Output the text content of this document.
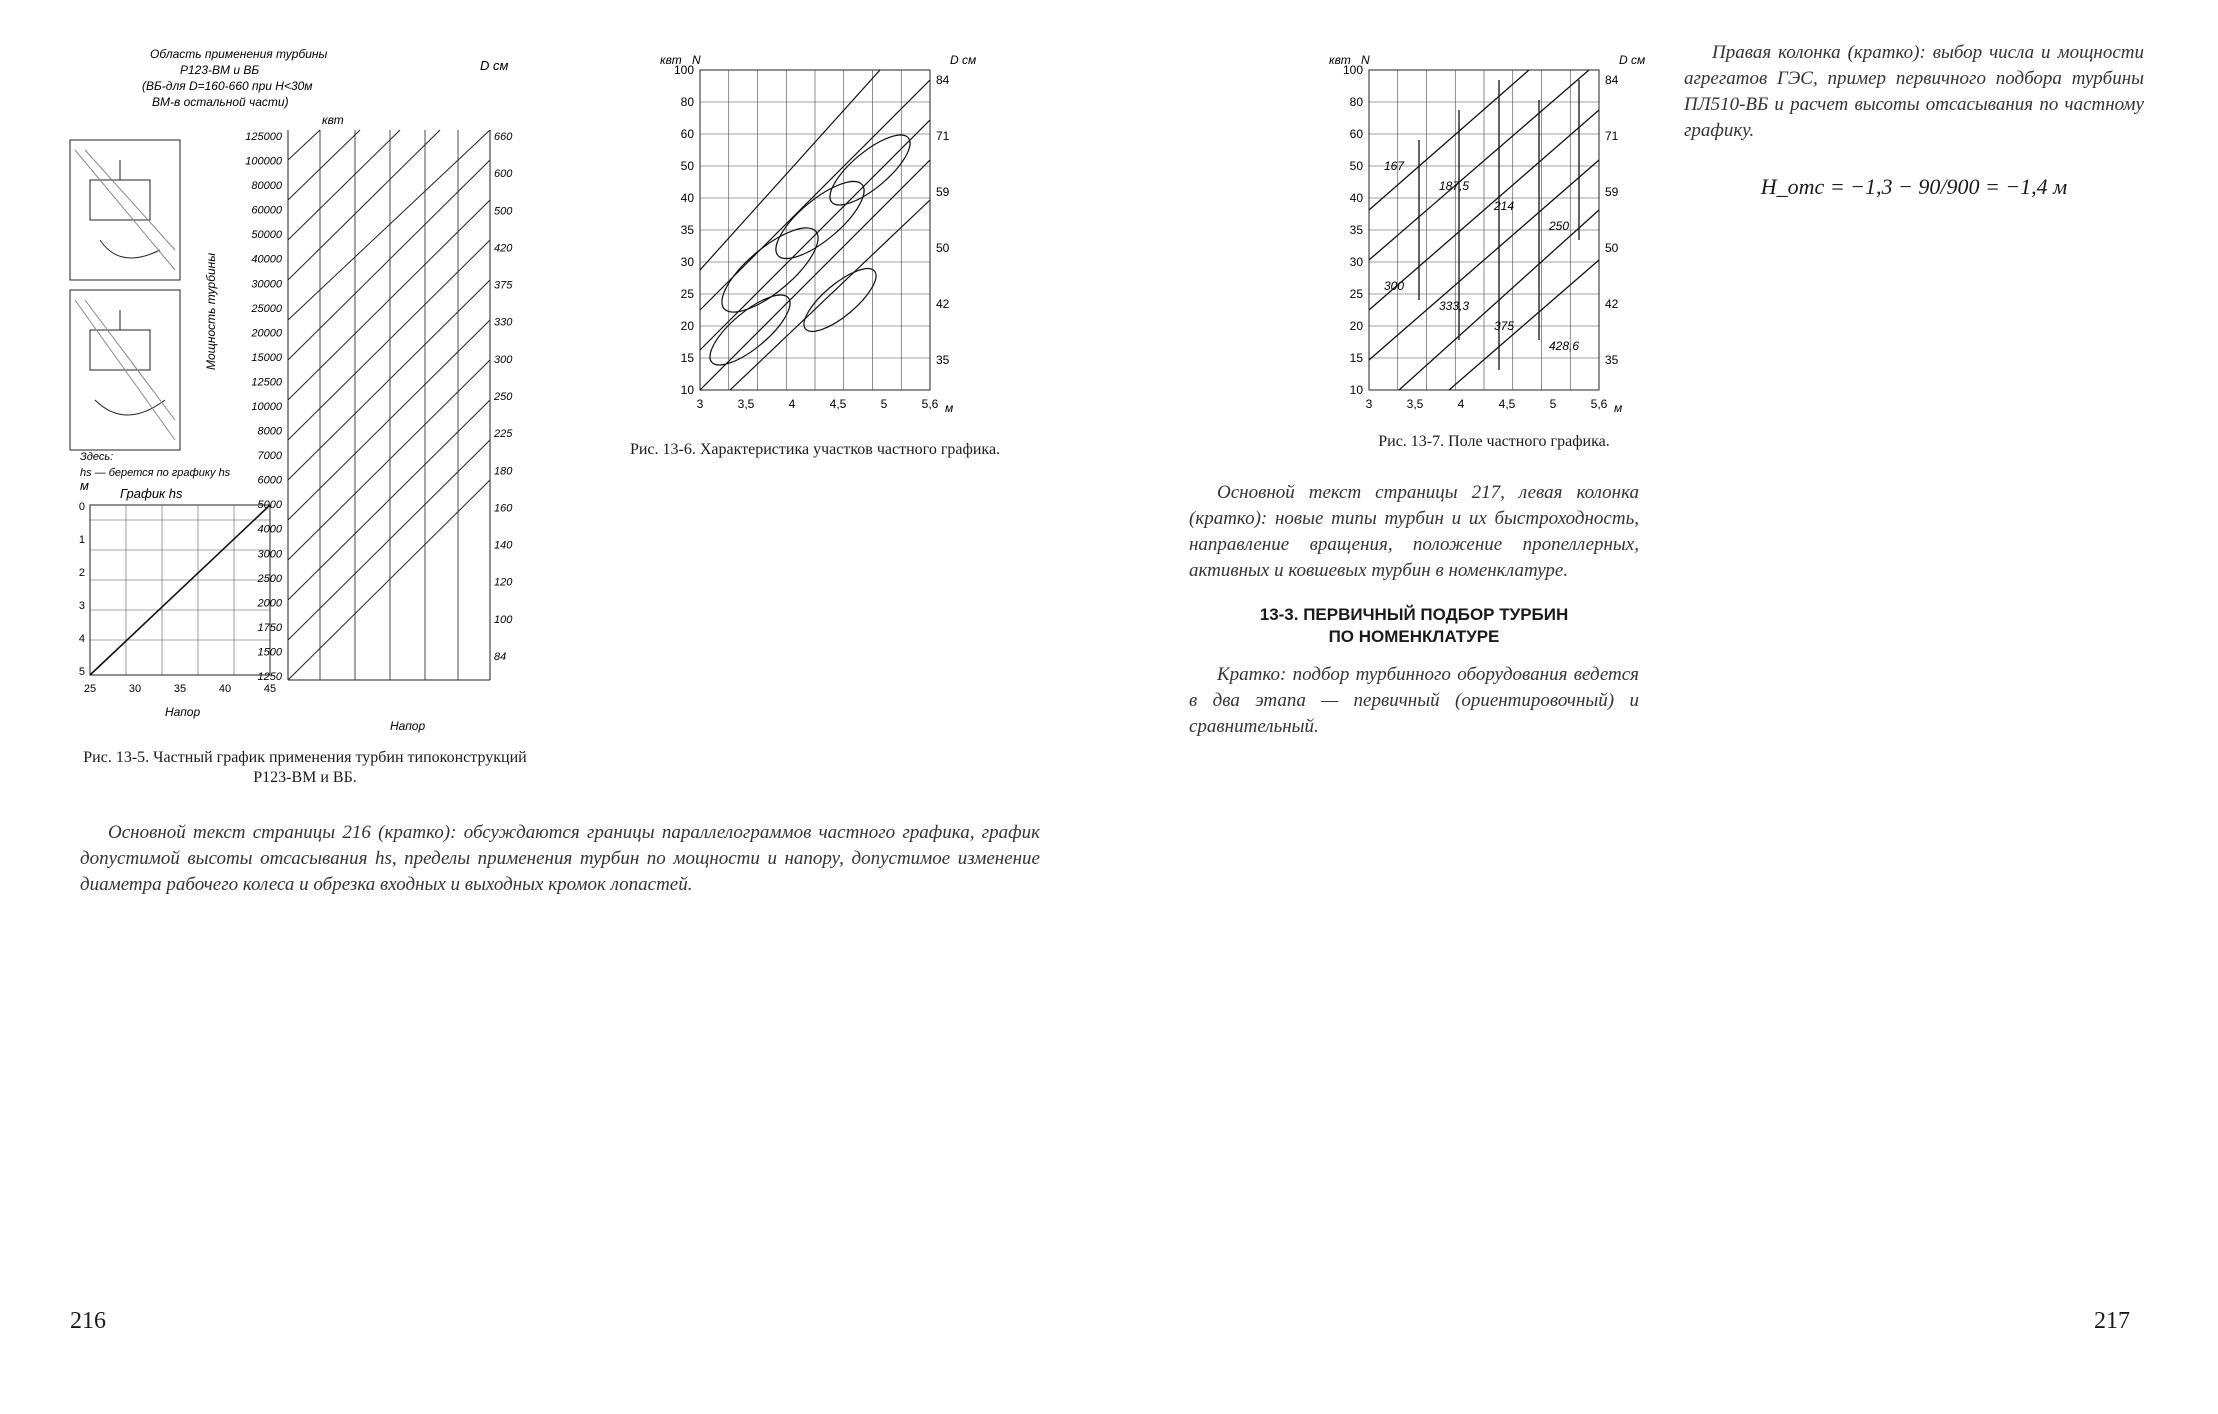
Область применения турбины
Р123-ВМ и ВБ
(ВБ-для D=160-660 при H<30м
ВМ-в остальной части)
квт
D см
Мощность турбины
125000
100000
80000
60000
50000
40000
30000
25000
20000
15000
12500
10000
8000
7000
6000
5000
4000
3000
2500
2000
1750
1500
1250
660
600
500
420
375
330
300
250
225
180
160
140
120
100
84
м
График hs
0
1
2
3
4
5
25	30	35	40	45
Напор
Здесь:
hs — берется по графику hs
Напор
Рис. 13-5. Частный график применения турбин типоконструкций Р123-ВМ и ВБ.
квт N	D см
100
80
60
50
40
35
30
25
20
15
10
84
71
59
50
42
35
3	3,5	4	4,5	5	5,6 м
Рис. 13-6. Характеристика участков частного графика.

Основной текст страницы 216 (кратко): обсуждаются границы параллелограммов частного графика, график допустимой высоты отсасывания hs, пределы применения турбин по мощности и напору, допустимое изменение диаметра рабочего колеса и обрезка входных и выходных кромок лопастей.

216
квт N	D см
167
187,5
214
250
300
333,3
375
428,6
100
80
60
50
40
35
30
25
20
15
10
84
71
59
50
42
35
3	3,5	4	4,5	5	5,6 м
Рис. 13-7. Поле частного графика.

Основной текст страницы 217, левая колонка (кратко): новые типы турбин и их быстроходность, направление вращения, положение пропеллерных, активных и ковшевых турбин в номенклатуре.

13-3. ПЕРВИЧНЫЙ ПОДБОР ТУРБИН
ПО НОМЕНКЛАТУРЕ

Кратко: подбор турбинного оборудования ведется в два этапа — первичный (ориентировочный) и сравнительный.

Правая колонка (кратко): выбор числа и мощности агрегатов ГЭС, пример первичного подбора турбины ПЛ510-ВБ и расчет высоты отсасывания по частному графику.

H_отс = −1,3 − 90/900 = −1,4 м
217
